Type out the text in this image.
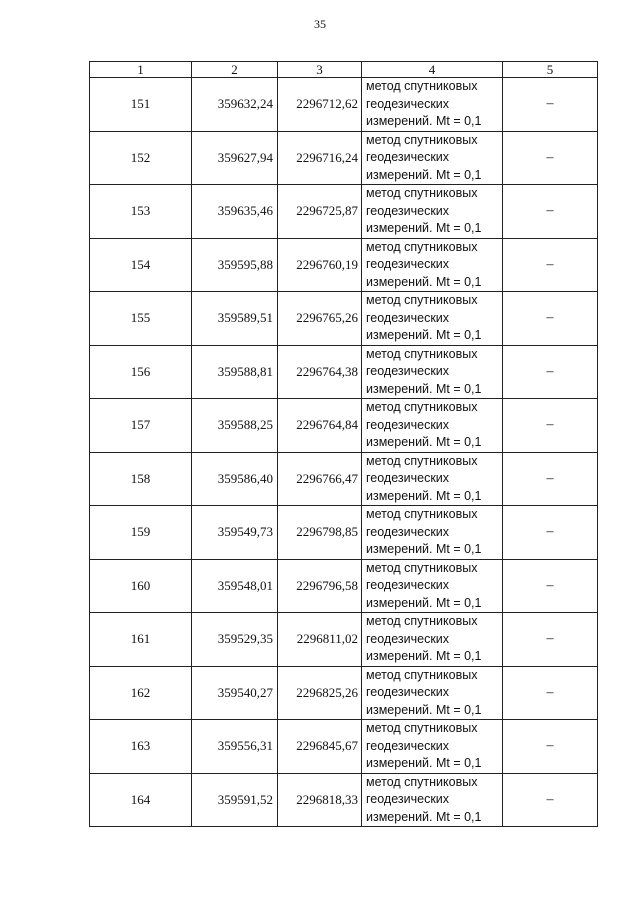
35
1	2	3	4	5
151	359632,24	2296712,62	метод спутниковых
геодезических
измерений. Mt = 0,1	–
152	359627,94	2296716,24	метод спутниковых
геодезических
измерений. Mt = 0,1	–
153	359635,46	2296725,87	метод спутниковых
геодезических
измерений. Mt = 0,1	–
154	359595,88	2296760,19	метод спутниковых
геодезических
измерений. Mt = 0,1	–
155	359589,51	2296765,26	метод спутниковых
геодезических
измерений. Mt = 0,1	–
156	359588,81	2296764,38	метод спутниковых
геодезических
измерений. Mt = 0,1	–
157	359588,25	2296764,84	метод спутниковых
геодезических
измерений. Mt = 0,1	–
158	359586,40	2296766,47	метод спутниковых
геодезических
измерений. Mt = 0,1	–
159	359549,73	2296798,85	метод спутниковых
геодезических
измерений. Mt = 0,1	–
160	359548,01	2296796,58	метод спутниковых
геодезических
измерений. Mt = 0,1	–
161	359529,35	2296811,02	метод спутниковых
геодезических
измерений. Mt = 0,1	–
162	359540,27	2296825,26	метод спутниковых
геодезических
измерений. Mt = 0,1	–
163	359556,31	2296845,67	метод спутниковых
геодезических
измерений. Mt = 0,1	–
164	359591,52	2296818,33	метод спутниковых
геодезических
измерений. Mt = 0,1	–
